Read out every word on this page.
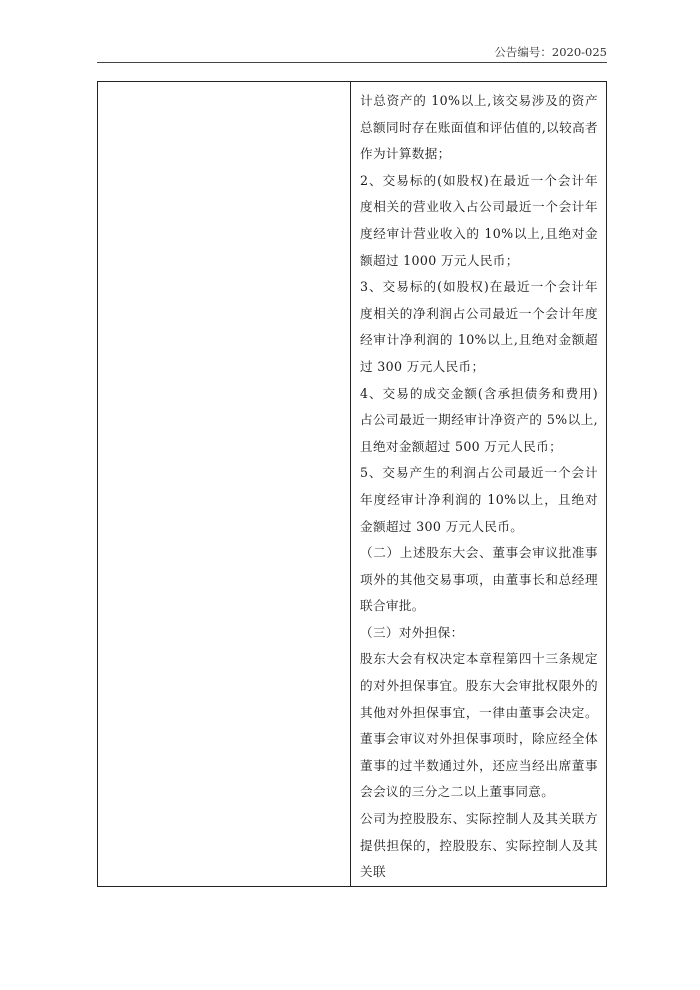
公告编号：2020-025

计总资产的 10%以上,该交易涉及的资产总额同时存在账面值和评估值的,以较高者作为计算数据；

2、交易标的(如股权)在最近一个会计年度相关的营业收入占公司最近一个会计年度经审计营业收入的 10%以上,且绝对金额超过 1000 万元人民币；

3、交易标的(如股权)在最近一个会计年度相关的净利润占公司最近一个会计年度经审计净利润的 10%以上,且绝对金额超过 300 万元人民币；

4、交易的成交金额(含承担债务和费用)占公司最近一期经审计净资产的 5%以上,且绝对金额超过 500 万元人民币；

5、交易产生的利润占公司最近一个会计年度经审计净利润的 10%以上，且绝对金额超过 300 万元人民币。

（二）上述股东大会、董事会审议批准事项外的其他交易事项，由董事长和总经理联合审批。

（三）对外担保：

股东大会有权决定本章程第四十三条规定的对外担保事宜。股东大会审批权限外的其他对外担保事宜，一律由董事会决定。董事会审议对外担保事项时，除应经全体董事的过半数通过外，还应当经出席董事会会议的三分之二以上董事同意。

公司为控股股东、实际控制人及其关联方提供担保的，控股股东、实际控制人及其关联
